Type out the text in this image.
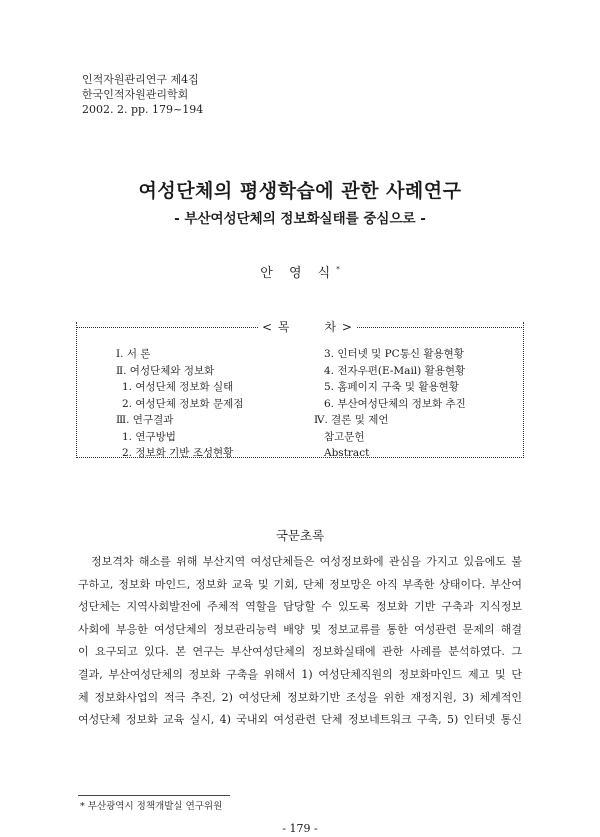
인적자원관리연구 제4집
한국인적자원관리학회
2002. 2. pp. 179~194
여성단체의 평생학습에 관한 사례연구
- 부산여성단체의 정보화실태를 중심으로 -
안 영 식*
< 목	차 >
Ⅰ. 서 론
Ⅱ. 여성단체와 정보화
1. 여성단체 정보화 실태
2. 여성단체 정보화 문제점
Ⅲ. 연구결과
1. 연구방법
2. 정보화 기반 조성현황
3. 인터넷 및 PC통신 활용현황
4. 전자우편(E-Mail) 활용현황
5. 홈페이지 구축 및 활용현황
6. 부산여성단체의 정보화 추진
Ⅳ. 결론 및 제언
참고문헌
Abstract
국문초록
정보격차 해소를 위해 부산지역 여성단체들은 여성정보화에 관심을 가지고 있음에도 불
구하고, 정보화 마인드, 정보화 교육 및 기회, 단체 정보망은 아직 부족한 상태이다. 부산여
성단체는 지역사회발전에 주체적 역할을 담당할 수 있도록 정보화 기반 구축과 지식정보
사회에 부응한 여성단체의 정보관리능력 배양 및 정보교류를 통한 여성관련 문제의 해결
이 요구되고 있다. 본 연구는 부산여성단체의 정보화실태에 관한 사례를 분석하였다. 그
결과, 부산여성단체의 정보화 구축을 위해서 1) 여성단체직원의 정보화마인드 제고 및 단
체 정보화사업의 적극 추진, 2) 여성단체 정보화기반 조성을 위한 재정지원, 3) 체계적인
여성단체 정보화 교육 실시, 4) 국내외 여성관련 단체 정보네트워크 구축, 5) 인터넷 통신
* 부산광역시 정책개발실 연구위원
- 179 -
